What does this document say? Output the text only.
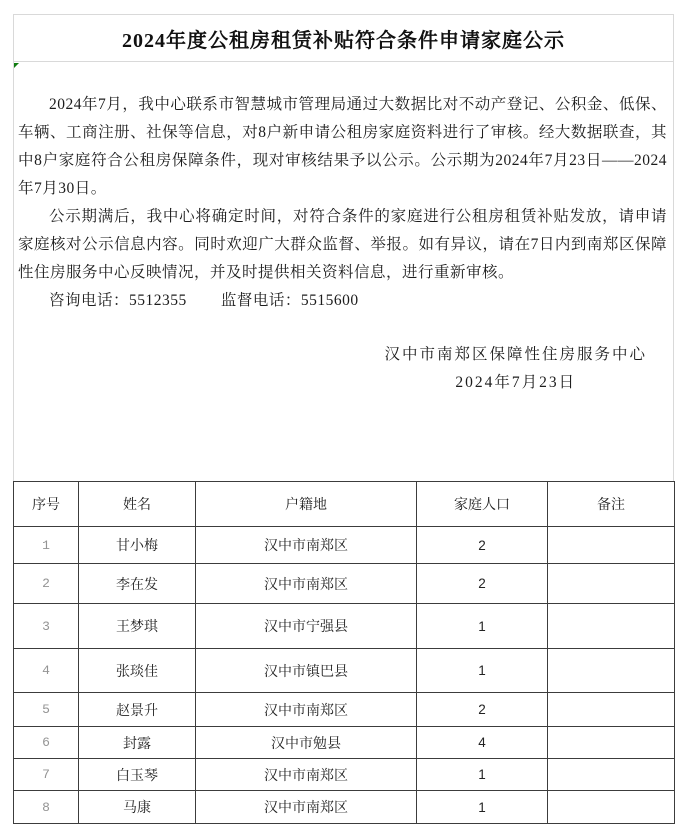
2024年度公租房租赁补贴符合条件申请家庭公示

2024年7月，我中心联系市智慧城市管理局通过大数据比对不动产登记、公积金、低保、车辆、工商注册、社保等信息，对8户新申请公租房家庭资料进行了审核。经大数据联查，其中8户家庭符合公租房保障条件，现对审核结果予以公示。公示期为2024年7月23日——2024年7月30日。

公示期满后，我中心将确定时间，对符合条件的家庭进行公租房租赁补贴发放，请申请家庭核对公示信息内容。同时欢迎广大群众监督、举报。如有异议，请在7日内到南郑区保障性住房服务中心反映情况，并及时提供相关资料信息，进行重新审核。

咨询电话：5512355 监督电话：5515600
汉中市南郑区保障性住房服务中心
2024年7月23日
序号	姓名	户籍地	家庭人口	备注
1	甘小梅	汉中市南郑区	2	
2	李在发	汉中市南郑区	2	
3	王梦琪	汉中市宁强县	1	
4	张琰佳	汉中市镇巴县	1	
5	赵景升	汉中市南郑区	2	
6	封露	汉中市勉县	4	
7	白玉琴	汉中市南郑区	1	
8	马康	汉中市南郑区	1	
